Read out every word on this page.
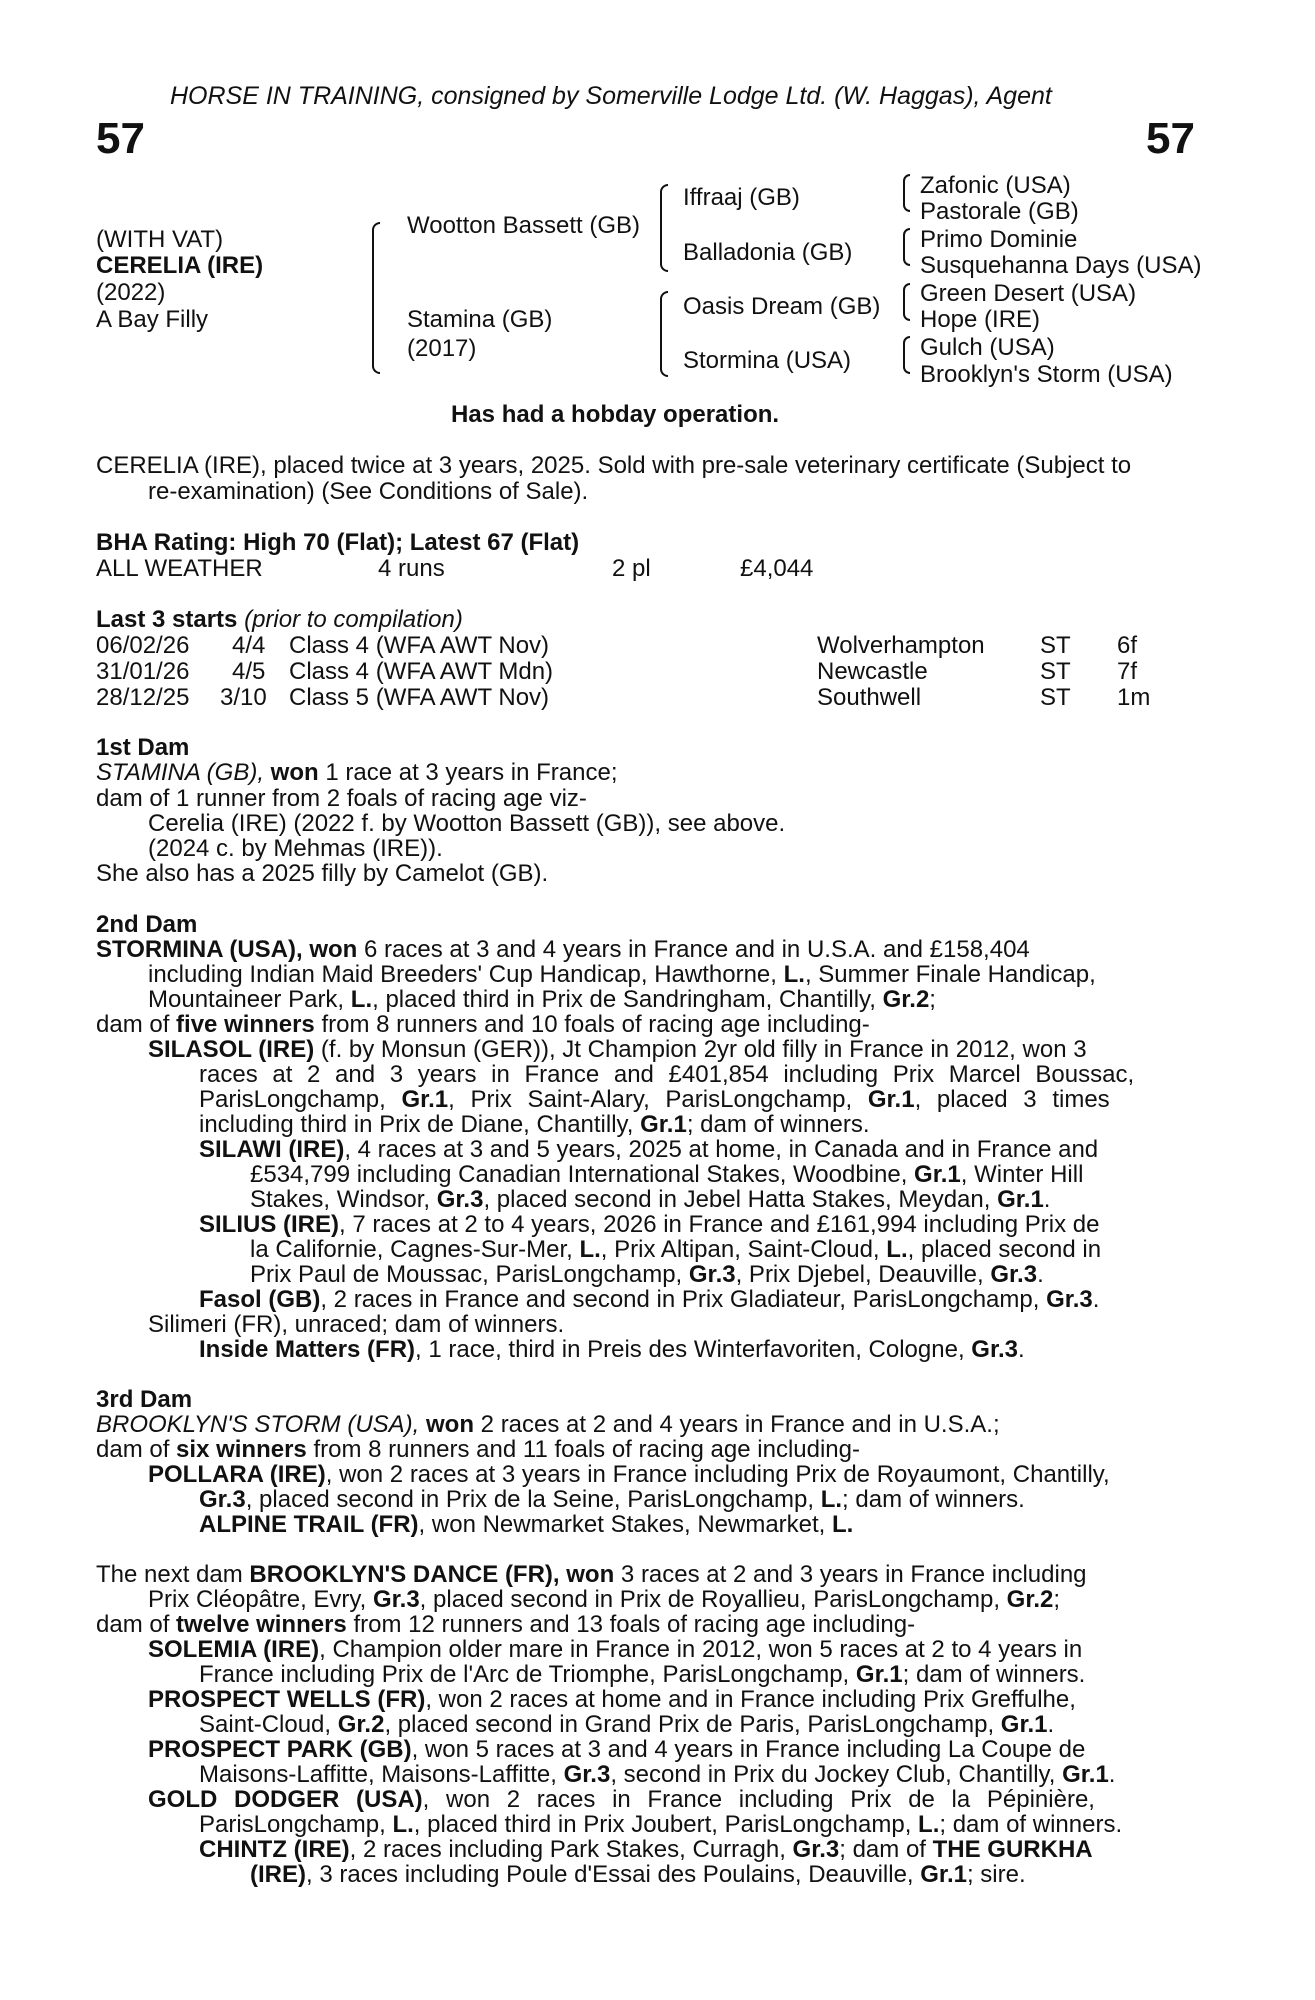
HORSE IN TRAINING, consigned by Somerville Lodge Ltd. (W. Haggas), Agent
57	57
(WITH VAT)
CERELIA (IRE)
(2022)
A Bay Filly
Wootton Bassett (GB)
Stamina (GB)
(2017)
Iffraaj (GB)
Balladonia (GB)
Oasis Dream (GB)
Stormina (USA)
Zafonic (USA)
Pastorale (GB)
Primo Dominie
Susquehanna Days (USA)
Green Desert (USA)
Hope (IRE)
Gulch (USA)
Brooklyn's Storm (USA)
Has had a hobday operation.
CERELIA (IRE), placed twice at 3 years, 2025. Sold with pre-sale veterinary certificate (Subject to
re-examination) (See Conditions of Sale).
BHA Rating: High 70 (Flat); Latest 67 (Flat)
ALL WEATHER	4 runs	2 pl	£4,044
Last 3 starts (prior to compilation)
06/02/26 4/4 Class 4 (WFA AWT Nov)	Wolverhampton ST 6f
31/01/26 4/5 Class 4 (WFA AWT Mdn)	Newcastle	ST 7f
28/12/25 3/10 Class 5 (WFA AWT Nov)	Southwell	ST 1m
1st Dam
STAMINA (GB), won 1 race at 3 years in France;
dam of 1 runner from 2 foals of racing age viz-
Cerelia (IRE) (2022 f. by Wootton Bassett (GB)), see above.
(2024 c. by Mehmas (IRE)).
She also has a 2025 filly by Camelot (GB).
2nd Dam
STORMINA (USA), won 6 races at 3 and 4 years in France and in U.S.A. and £158,404
including Indian Maid Breeders' Cup Handicap, Hawthorne, L., Summer Finale Handicap,
Mountaineer Park, L., placed third in Prix de Sandringham, Chantilly, Gr.2;
dam of five winners from 8 runners and 10 foals of racing age including-
SILASOL (IRE) (f. by Monsun (GER)), Jt Champion 2yr old filly in France in 2012, won 3
races at 2 and 3 years in France and £401,854 including Prix Marcel Boussac,
ParisLongchamp, Gr.1, Prix Saint-Alary, ParisLongchamp, Gr.1, placed 3 times
including third in Prix de Diane, Chantilly, Gr.1; dam of winners.
SILAWI (IRE), 4 races at 3 and 5 years, 2025 at home, in Canada and in France and
£534,799 including Canadian International Stakes, Woodbine, Gr.1, Winter Hill
Stakes, Windsor, Gr.3, placed second in Jebel Hatta Stakes, Meydan, Gr.1.
SILIUS (IRE), 7 races at 2 to 4 years, 2026 in France and £161,994 including Prix de
la Californie, Cagnes-Sur-Mer, L., Prix Altipan, Saint-Cloud, L., placed second in
Prix Paul de Moussac, ParisLongchamp, Gr.3, Prix Djebel, Deauville, Gr.3.
Fasol (GB), 2 races in France and second in Prix Gladiateur, ParisLongchamp, Gr.3.
Silimeri (FR), unraced; dam of winners.
Inside Matters (FR), 1 race, third in Preis des Winterfavoriten, Cologne, Gr.3.
3rd Dam
BROOKLYN'S STORM (USA), won 2 races at 2 and 4 years in France and in U.S.A.;
dam of six winners from 8 runners and 11 foals of racing age including-
POLLARA (IRE), won 2 races at 3 years in France including Prix de Royaumont, Chantilly,
Gr.3, placed second in Prix de la Seine, ParisLongchamp, L.; dam of winners.
ALPINE TRAIL (FR), won Newmarket Stakes, Newmarket, L.
The next dam BROOKLYN'S DANCE (FR), won 3 races at 2 and 3 years in France including
Prix Cléopâtre, Evry, Gr.3, placed second in Prix de Royallieu, ParisLongchamp, Gr.2;
dam of twelve winners from 12 runners and 13 foals of racing age including-
SOLEMIA (IRE), Champion older mare in France in 2012, won 5 races at 2 to 4 years in
France including Prix de l'Arc de Triomphe, ParisLongchamp, Gr.1; dam of winners.
PROSPECT WELLS (FR), won 2 races at home and in France including Prix Greffulhe,
Saint-Cloud, Gr.2, placed second in Grand Prix de Paris, ParisLongchamp, Gr.1.
PROSPECT PARK (GB), won 5 races at 3 and 4 years in France including La Coupe de
Maisons-Laffitte, Maisons-Laffitte, Gr.3, second in Prix du Jockey Club, Chantilly, Gr.1.
GOLD DODGER (USA), won 2 races in France including Prix de la Pépinière,
ParisLongchamp, L., placed third in Prix Joubert, ParisLongchamp, L.; dam of winners.
CHINTZ (IRE), 2 races including Park Stakes, Curragh, Gr.3; dam of THE GURKHA
(IRE), 3 races including Poule d'Essai des Poulains, Deauville, Gr.1; sire.
